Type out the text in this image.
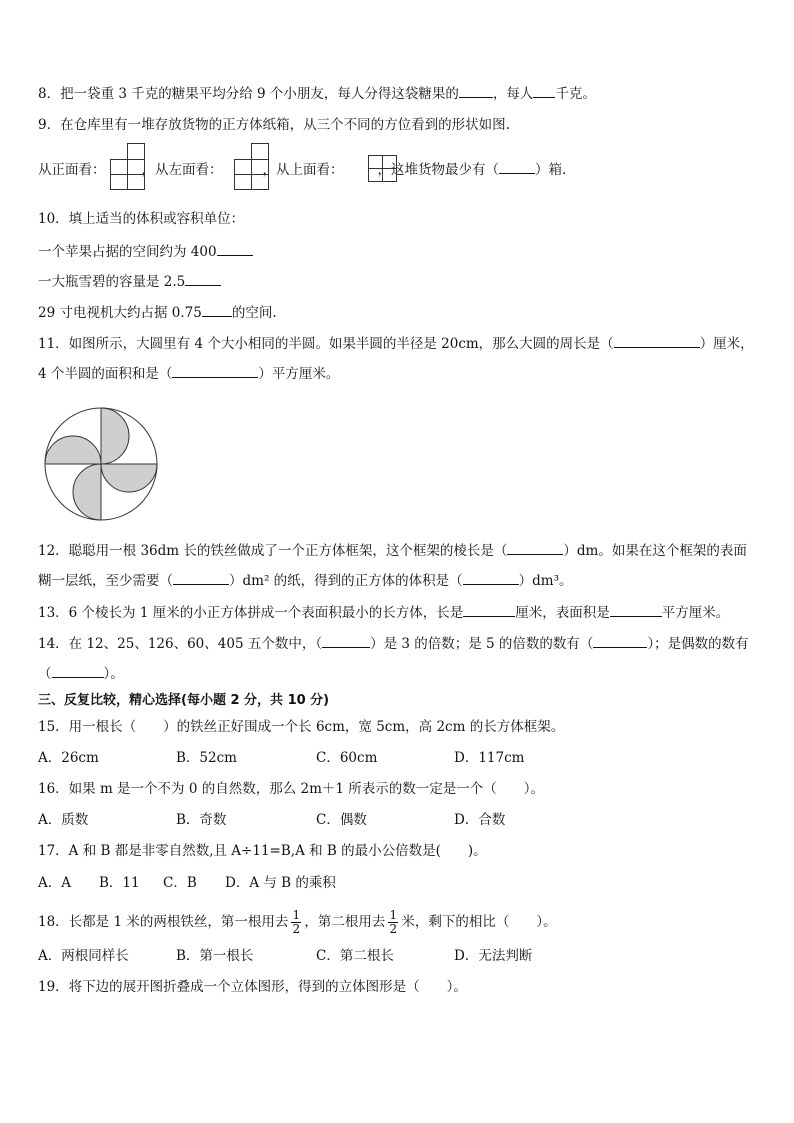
8．把一袋重 3 千克的糖果平均分给 9 个小朋友，每人分得这袋糖果的	，每人 千克。
9．在仓库里有一堆存放货物的正方体纸箱，从三个不同的方位看到的形状如图.
从正面看：	，从左面看：	，从上面看：	，这堆货物最少有（	）箱.
10．填上适当的体积或容积单位：
一个苹果占据的空间约为 400
一大瓶雪碧的容量是 2.5
29 寸电视机大约占据 0.75 的空间.
11．如图所示，大圆里有 4 个大小相同的半圆。如果半圆的半径是 20cm，那么大圆的周长是（	）厘米，
4 个半圆的面积和是（	）平方厘米。
12．聪聪用一根 36dm 长的铁丝做成了一个正方体框架，这个框架的棱长是（	）dm。如果在这个框架的表面
糊一层纸，至少需要（	）dm² 的纸，得到的正方体的体积是（	）dm³。
13．6 个棱长为 1 厘米的小正方体拼成一个表面积最小的长方体，长是	厘米，表面积是	平方厘米。
14．在 12、25、126、60、405 五个数中，（	）是 3 的倍数；是 5 的倍数的数有（	）；是偶数的数有
（	）。
三、反复比较，精心选择(每小题 2 分，共 10 分)
15．用一根长（　　）的铁丝正好围成一个长 6cm，宽 5cm，高 2cm 的长方体框架。
A．26cm	B．52cm	C．60cm	D．117cm
16．如果 m 是一个不为 0 的自然数，那么 2m＋1 所表示的数一定是一个（　　）。
A．质数	B．奇数	C．偶数	D．合数
17．A 和 B 都是非零自然数,且 A÷11=B,A 和 B 的最小公倍数是(　　)。
A．A B．11 C．B D．A 与 B 的乘积
18．长都是 1 米的两根铁丝，第一根用去 $\frac{1}{2}$ ，第二根用去 $\frac{1}{2}$ 米，剩下的相比（　　）。
A．两根同样长	B．第一根长	C．第二根长	D．无法判断
19．将下边的展开图折叠成一个立体图形，得到的立体图形是（　　）。
